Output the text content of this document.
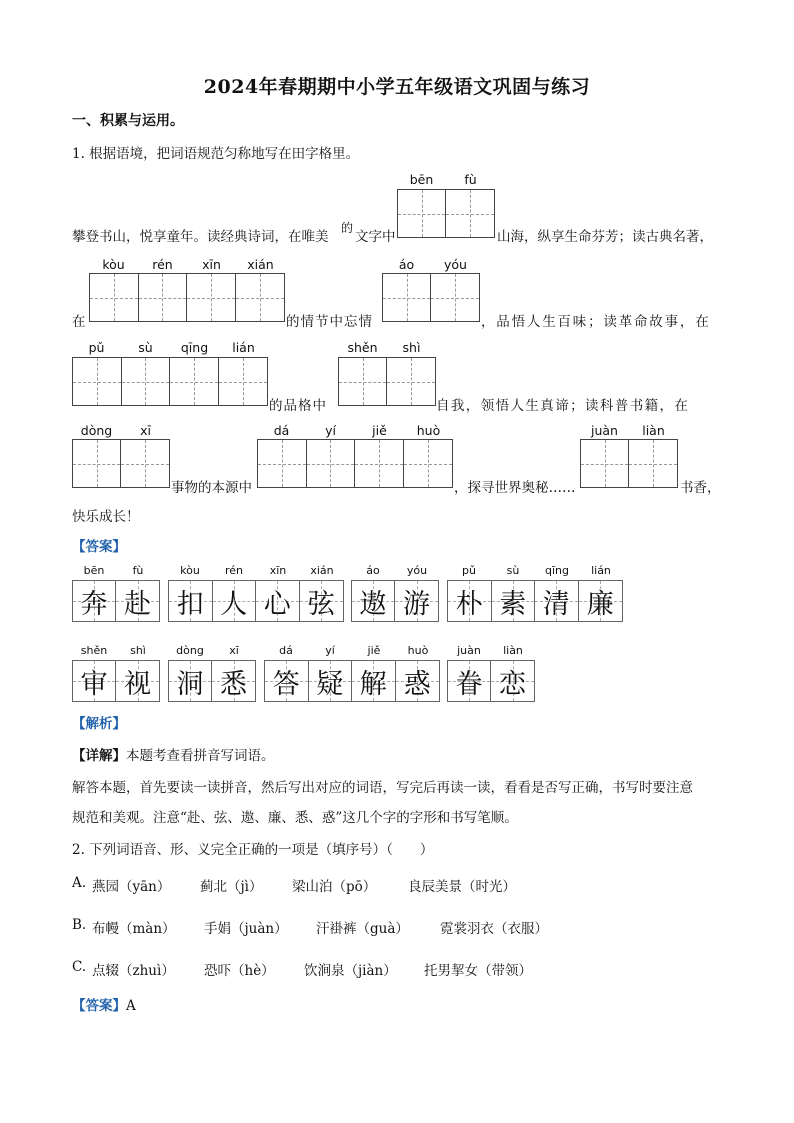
2024年春期期中小学五年级语文巩固与练习
一、积累与运用。
1. 根据语境，把词语规范匀称地写在田字格里。
攀登书山，悦享童年。读经典诗词，在唯美
的
文字中
bēn	fù
山海，纵享生命芬芳；读古典名著，
kòu	rén	xīn	xián
在	的情节中忘情
áo	yóu
，品悟人生百味；读革命故事，在
pǔ	sù	qīng	lián
的品格中
shěn	shì
自我，领悟人生真谛；读科普书籍，在
dòng	xī
事物的本源中
dá	yí	jiě	huò
，探寻世界奥秘……
juàn	liàn
书香，
快乐成长！
【答案】
bēn	fù
奔 赴
kòu	rén	xīn	xián
扣 人 心 弦
áo	yóu
遨 游
pǔ	sù	qīng	lián
朴 素 清 廉
shěn	shì
审 视
dòng	xī
洞 悉
dá	yí	jiě	huò
答 疑 解 惑
juàn	liàn
眷 恋
【解析】
【详解】本题考查看拼音写词语。
解答本题，首先要读一读拼音，然后写出对应的词语，写完后再读一读，看看是否写正确，书写时要注意
规范和美观。注意“赴、弦、遨、廉、悉、惑”这几个字的字形和书写笔顺。
2. 下列词语音、形、义完全正确的一项是（填序号）（　　）
A. 燕园（yān） 蓟北（jì） 梁山泊（pō） 良辰美景（时光）
B. 布幔（màn） 手娟（juàn） 汗褂裤（guà） 霓裳羽衣（衣服）
C. 点辍（zhuì） 恐吓（hè） 饮涧泉（jiàn） 托男挈女（带领）
【答案】A
